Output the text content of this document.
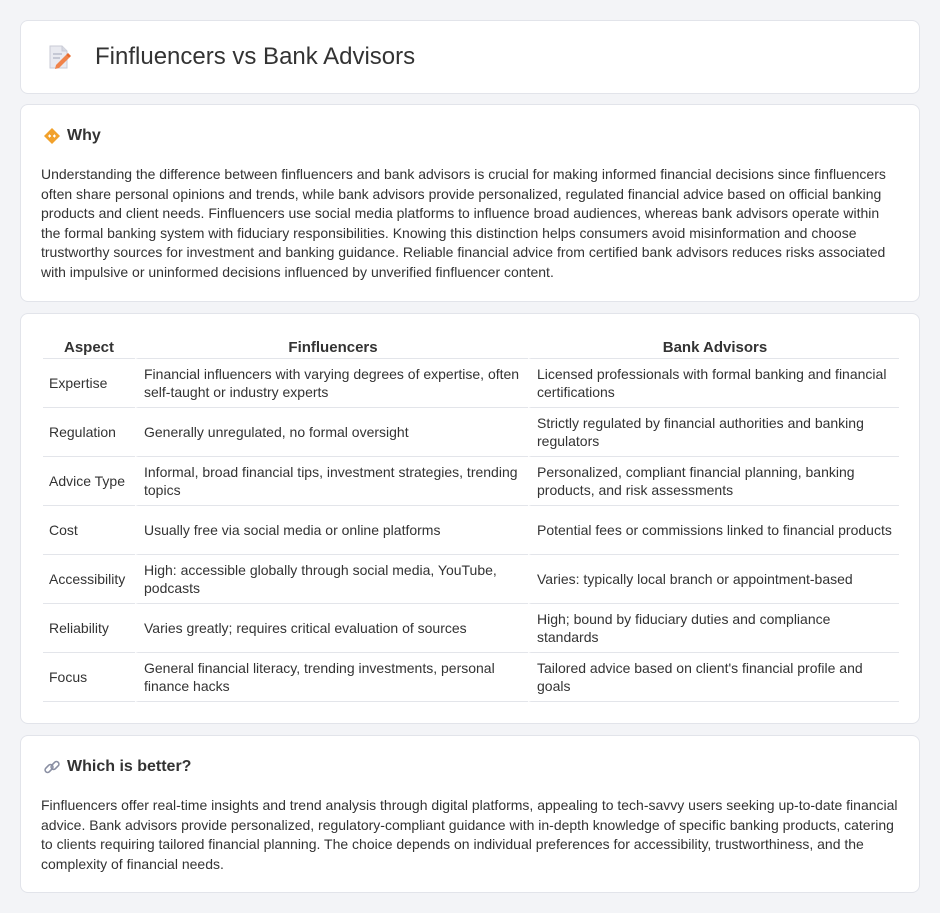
Finfluencers vs Bank Advisors
Why

Understanding the difference between finfluencers and bank advisors is crucial for making informed financial decisions since finfluencers often share personal opinions and trends, while bank advisors provide personalized, regulated financial advice based on official banking products and client needs. Finfluencers use social media platforms to influence broad audiences, whereas bank advisors operate within the formal banking system with fiduciary responsibilities. Knowing this distinction helps consumers avoid misinformation and choose trustworthy sources for investment and banking guidance. Reliable financial advice from certified bank advisors reduces risks associated with impulsive or uninformed decisions influenced by unverified finfluencer content.

Aspect	Finfluencers	Bank Advisors
Expertise	Financial influencers with varying degrees of expertise, often self-taught or industry experts	Licensed professionals with formal banking and financial certifications
Regulation	Generally unregulated, no formal oversight	Strictly regulated by financial authorities and banking regulators
Advice Type	Informal, broad financial tips, investment strategies, trending topics	Personalized, compliant financial planning, banking products, and risk assessments
Cost	Usually free via social media or online platforms	Potential fees or commissions linked to financial products
Accessibility	High: accessible globally through social media, YouTube, podcasts	Varies: typically local branch or appointment-based
Reliability	Varies greatly; requires critical evaluation of sources	High; bound by fiduciary duties and compliance standards
Focus	General financial literacy, trending investments, personal finance hacks	Tailored advice based on client's financial profile and goals
Which is better?

Finfluencers offer real-time insights and trend analysis through digital platforms, appealing to tech-savvy users seeking up-to-date financial advice. Bank advisors provide personalized, regulatory-compliant guidance with in-depth knowledge of specific banking products, catering to clients requiring tailored financial planning. The choice depends on individual preferences for accessibility, trustworthiness, and the complexity of financial needs.
